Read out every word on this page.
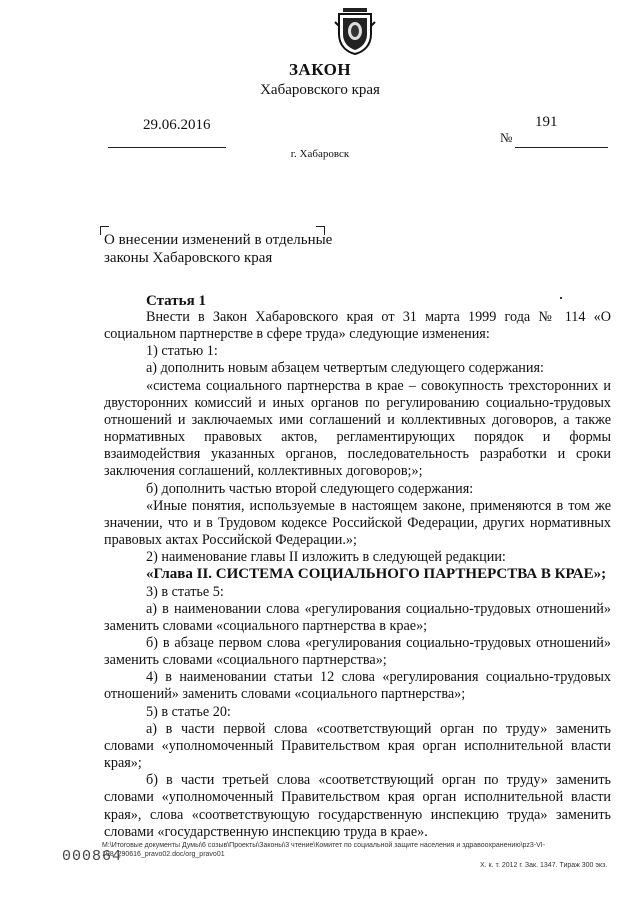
ЗАКОН
Хабаровского края
29.06.2016
№
191
г. Хабаровск
О внесении изменений в отдельные
законы Хабаровского края
Статья 1

Внести в Закон Хабаровского края от 31 марта 1999 года № 114 «О социальном партнерстве в сфере труда» следующие изменения:

1) статью 1:

а) дополнить новым абзацем четвертым следующего содержания:

«система социального партнерства в крае – совокупность трехсторонних и двусторонних комиссий и иных органов по регулированию социально-трудовых отношений и заключаемых ими соглашений и коллективных договоров, а также нормативных правовых актов, регламентирующих порядок и формы взаимодействия указанных органов, последовательность разработки и сроки заключения соглашений, коллективных договоров;»;

б) дополнить частью второй следующего содержания:

«Иные понятия, используемые в настоящем законе, применяются в том же значении, что и в Трудовом кодексе Российской Федерации, других нормативных правовых актах Российской Федерации.»;

2) наименование главы II изложить в следующей редакции:

«Глава II. СИСТЕМА СОЦИАЛЬНОГО ПАРТНЕРСТВА В КРАЕ»;

3) в статье 5:

а) в наименовании слова «регулирования социально-трудовых отношений» заменить словами «социального партнерства в крае»;

б) в абзаце первом слова «регулирования социально-трудовых отношений» заменить словами «социального партнерства»;

4) в наименовании статьи 12 слова «регулирования социально-трудовых отношений» заменить словами «социального партнерства»;

5) в статье 20:

а) в части первой слова «соответствующий орган по труду» заменить словами «уполномоченный Правительством края орган исполнительной власти края»;

б) в части третьей слова «соответствующий орган по труду» заменить словами «уполномоченный Правительством края орган исполнительной власти края», слова «соответствующую государственную инспекцию труда» заменить словами «государственную инспекцию труда в крае».

М:\Итоговые документы Думы\6 созыв\Проекты\Законы\3 чтение\Комитет по социальной защите населения и здравоохранению\pz3-VI-198_290616_pravo02.doc/org_pravo01
000864
Х. к. т. 2012 г. Зак. 1347. Тираж 300 экз.
